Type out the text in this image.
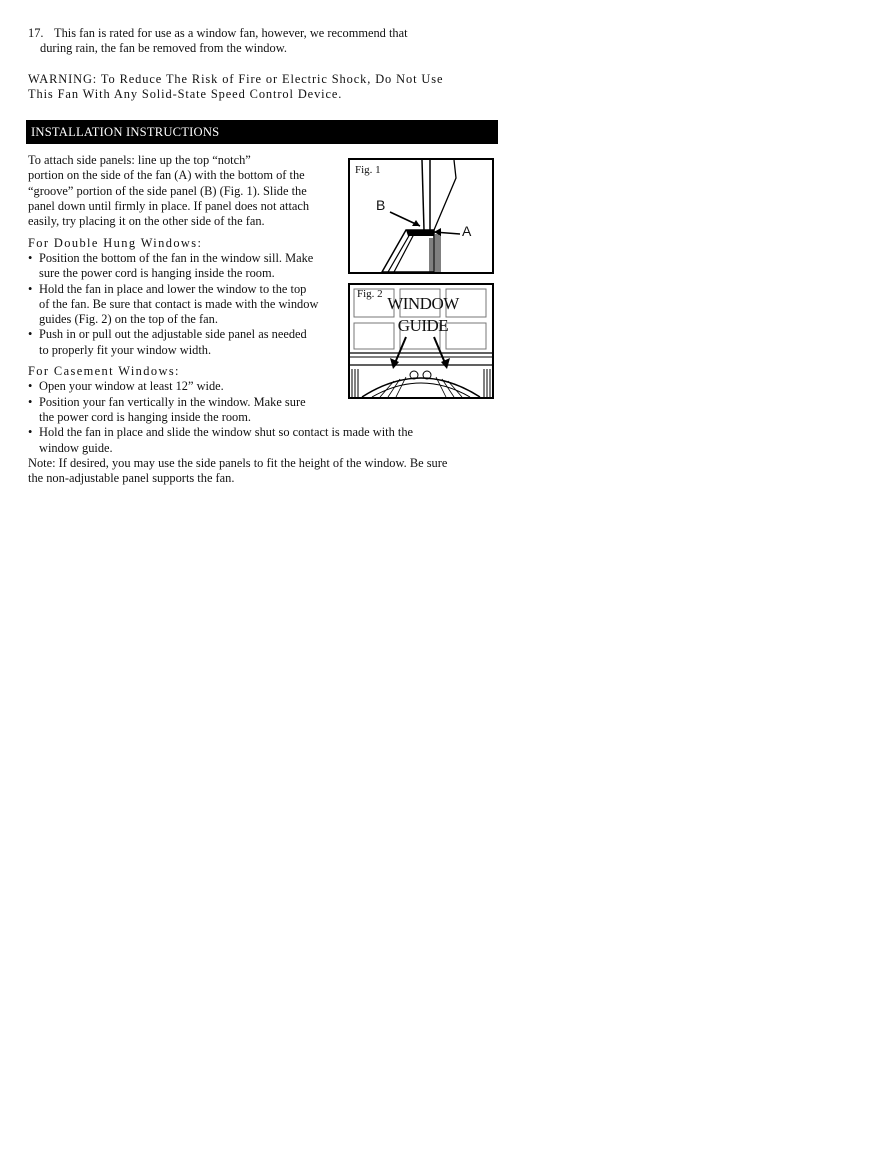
17. This fan is rated for use as a window fan, however, we recommend that
during rain, the fan be removed from the window.
WARNING: To Reduce The Risk of Fire or Electric Shock, Do Not Use
This Fan With Any Solid-State Speed Control Device.
INSTALLATION INSTRUCTIONS
To attach side panels: line up the top “notch”
portion on the side of the fan (A) with the bottom of the
“groove” portion of the side panel (B) (Fig. 1). Slide the
panel down until firmly in place. If panel does not attach
easily, try placing it on the other side of the fan.
For Double Hung Windows:
• Position the bottom of the fan in the window sill. Make
sure the power cord is hanging inside the room.
• Hold the fan in place and lower the window to the top
of the fan. Be sure that contact is made with the window
guides (Fig. 2) on the top of the fan.
• Push in or pull out the adjustable side panel as needed
to properly fit your window width.
For Casement Windows:
• Open your window at least 12” wide.
• Position your fan vertically in the window. Make sure
the power cord is hanging inside the room.
• Hold the fan in place and slide the window shut so contact is made with the
window guide.
Note: If desired, you may use the side panels to fit the height of the window. Be sure
the non-adjustable panel supports the fan.
Fig. 1
B
A
Fig. 2 WINDOW
GUIDE
